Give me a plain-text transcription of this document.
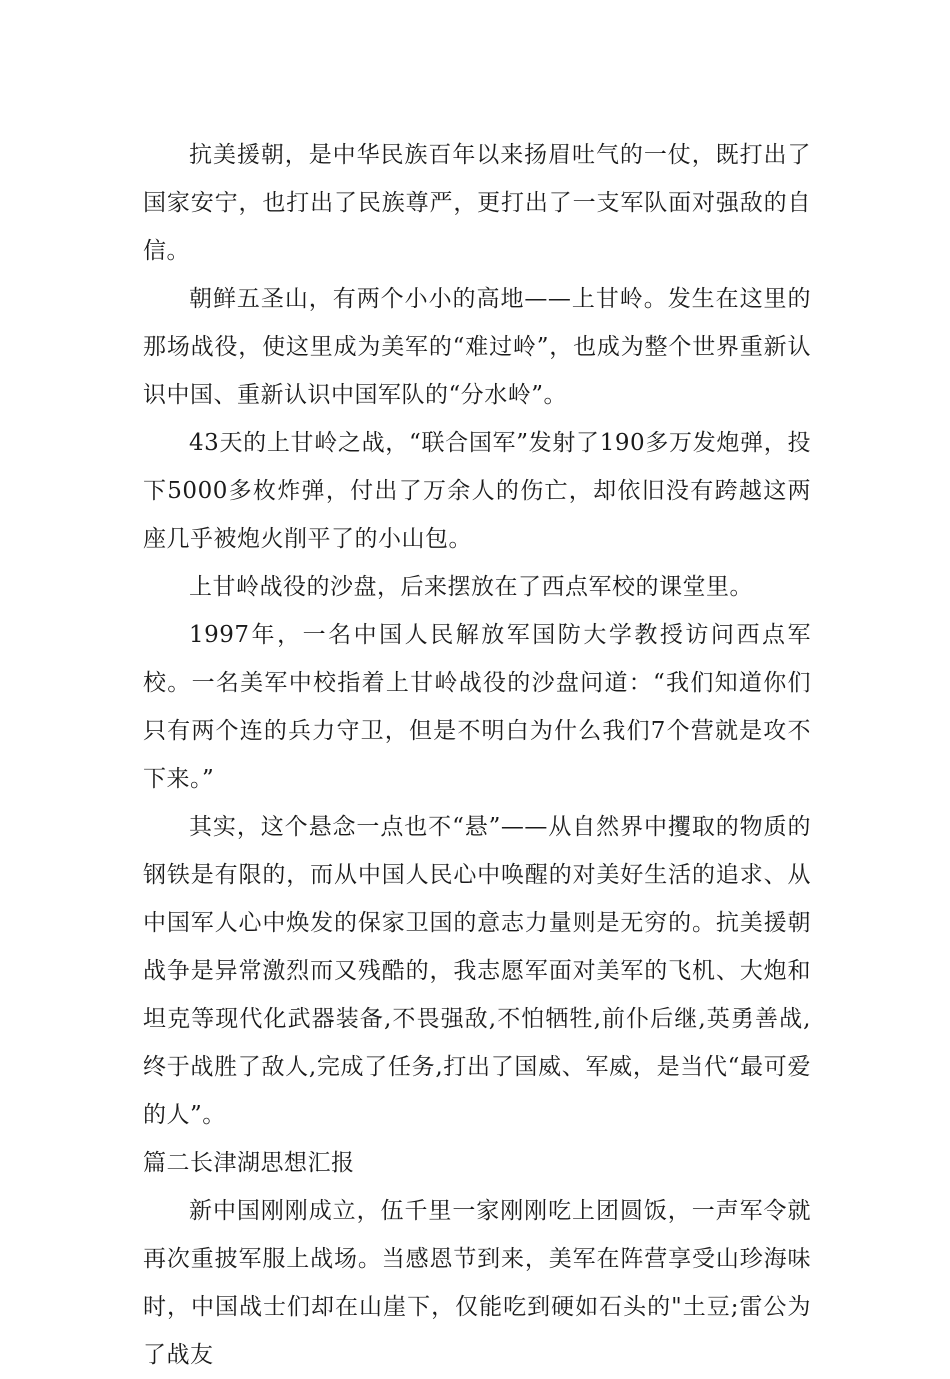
抗美援朝，是中华民族百年以来扬眉吐气的一仗，既打出了国家安宁，也打出了民族尊严，更打出了一支军队面对强敌的自信。

朝鲜五圣山，有两个小小的高地——上甘岭。发生在这里的那场战役，使这里成为美军的“难过岭”，也成为整个世界重新认识中国、重新认识中国军队的“分水岭”。

43天的上甘岭之战，“联合国军”发射了190多万发炮弹，投下5000多枚炸弹，付出了万余人的伤亡，却依旧没有跨越这两座几乎被炮火削平了的小山包。

上甘岭战役的沙盘，后来摆放在了西点军校的课堂里。

1997年，一名中国人民解放军国防大学教授访问西点军校。一名美军中校指着上甘岭战役的沙盘问道：“我们知道你们只有两个连的兵力守卫，但是不明白为什么我们7个营就是攻不下来。”

其实，这个悬念一点也不“悬”——从自然界中攫取的物质的钢铁是有限的，而从中国人民心中唤醒的对美好生活的追求、从中国军人心中焕发的保家卫国的意志力量则是无穷的。抗美援朝战争是异常激烈而又残酷的，我志愿军面对美军的飞机、大炮和坦克等现代化武器装备,不畏强敌,不怕牺牲,前仆后继,英勇善战,终于战胜了敌人,完成了任务,打出了国威、军威，是当代“最可爱的人”。

篇二长津湖思想汇报

新中国刚刚成立，伍千里一家刚刚吃上团圆饭，一声军令就再次重披军服上战场。当感恩节到来，美军在阵营享受山珍海味时，中国战士们却在山崖下，仅能吃到硬如石头的"土豆;雷公为了战友
